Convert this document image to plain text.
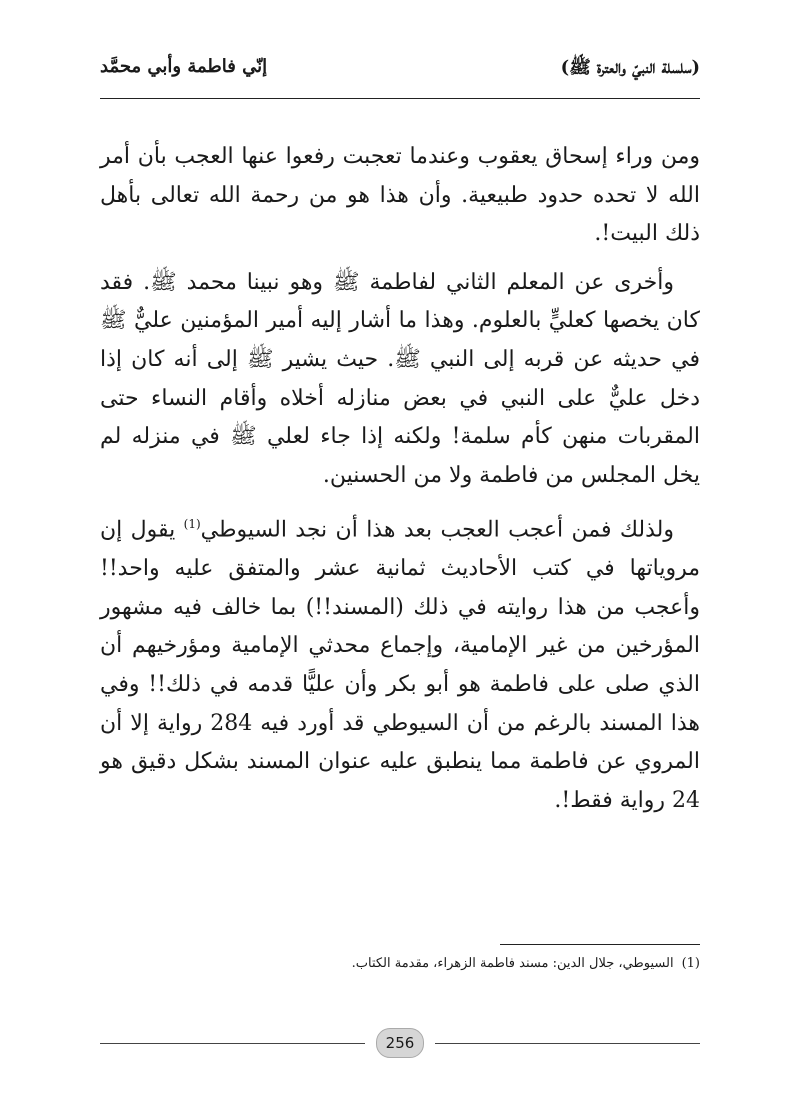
(سلسلة النبيّ والعترة ﷺ)
إنّي فاطمة وأبي محمَّد

ومن وراء إسحاق يعقوب وعندما تعجبت رفعوا عنها العجب بأن أمر الله لا تحده حدود طبيعية. وأن هذا هو من رحمة الله تعالى بأهل ذلك البيت!.

وأخرى عن المعلم الثاني لفاطمة ﷺ وهو نبينا محمد ﷺ. فقد كان يخصها كعليٍّ بالعلوم. وهذا ما أشار إليه أمير المؤمنين عليٌّ ﷺ في حديثه عن قربه إلى النبي ﷺ. حيث يشير ﷺ إلى أنه كان إذا دخل عليٌّ على النبي في بعض منازله أخلاه وأقام النساء حتى المقربات منهن كأم سلمة! ولكنه إذا جاء لعلي ﷺ في منزله لم يخل المجلس من فاطمة ولا من الحسنين.

ولذلك فمن أعجب العجب بعد هذا أن نجد السيوطي$^{(1)}$ يقول إن مروياتها في كتب الأحاديث ثمانية عشر والمتفق عليه واحد!! وأعجب من هذا روايته في ذلك (المسند!!) بما خالف فيه مشهور المؤرخين من غير الإمامية، وإجماع محدثي الإمامية ومؤرخيهم أن الذي صلى على فاطمة هو أبو بكر وأن عليًّا قدمه في ذلك!! وفي هذا المسند بالرغم من أن السيوطي قد أورد فيه 284 رواية إلا أن المروي عن فاطمة مما ينطبق عليه عنوان المسند بشكل دقيق هو 24 رواية فقط!.

(1)السيوطي، جلال الدين: مسند فاطمة الزهراء، مقدمة الكتاب.
256
